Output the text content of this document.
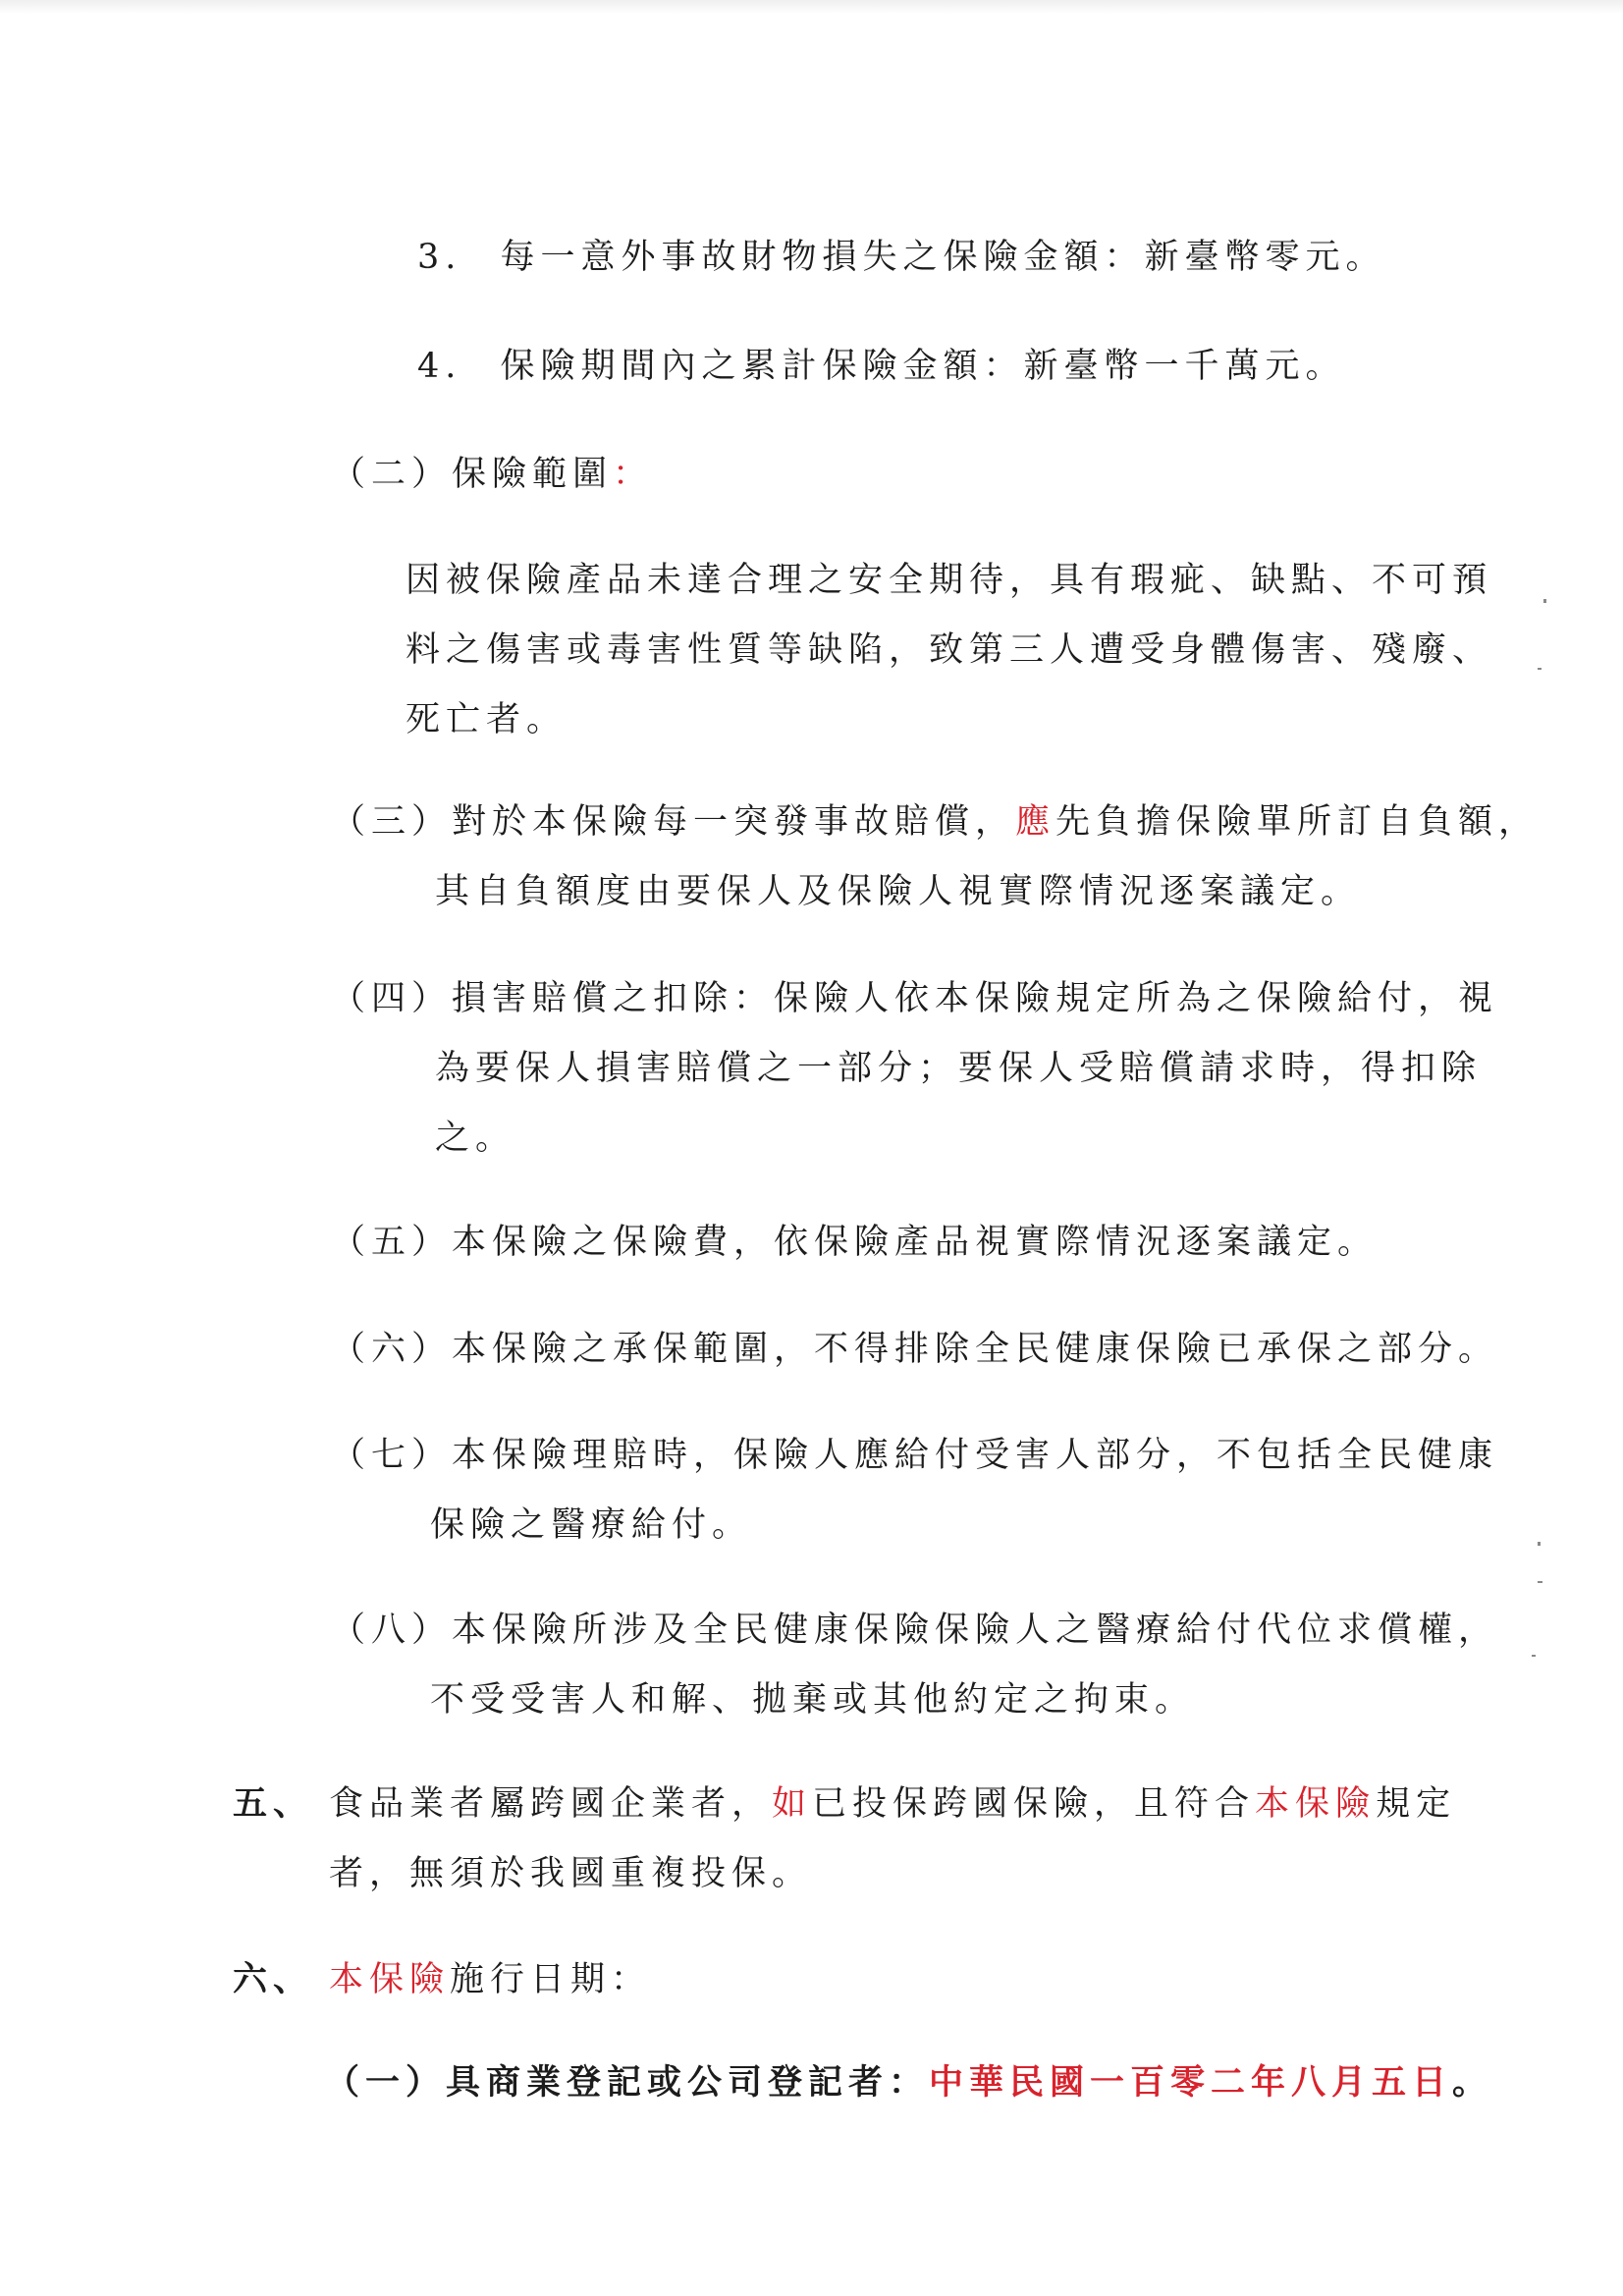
3. 每一意外事故財物損失之保險金額：新臺幣零元。
4. 保險期間內之累計保險金額：新臺幣一千萬元。
（二）保險範圍：
因被保險產品未達合理之安全期待，具有瑕疵、缺點、不可預
料之傷害或毒害性質等缺陷，致第三人遭受身體傷害、殘廢、
死亡者。
（三）對於本保險每一突發事故賠償，應先負擔保險單所訂自負額，
其自負額度由要保人及保險人視實際情況逐案議定。
（四）損害賠償之扣除：保險人依本保險規定所為之保險給付，視
為要保人損害賠償之一部分；要保人受賠償請求時，得扣除
之。
（五）本保險之保險費，依保險產品視實際情況逐案議定。
（六）本保險之承保範圍，不得排除全民健康保險已承保之部分。
（七）本保險理賠時，保險人應給付受害人部分，不包括全民健康
保險之醫療給付。
（八）本保險所涉及全民健康保險保險人之醫療給付代位求償權，
不受受害人和解、拋棄或其他約定之拘束。
五、 食品業者屬跨國企業者，如已投保跨國保險，且符合本保險規定
者，無須於我國重複投保。
六、 本保險施行日期：
（一）具商業登記或公司登記者：中華民國一百零二年八月五日。
